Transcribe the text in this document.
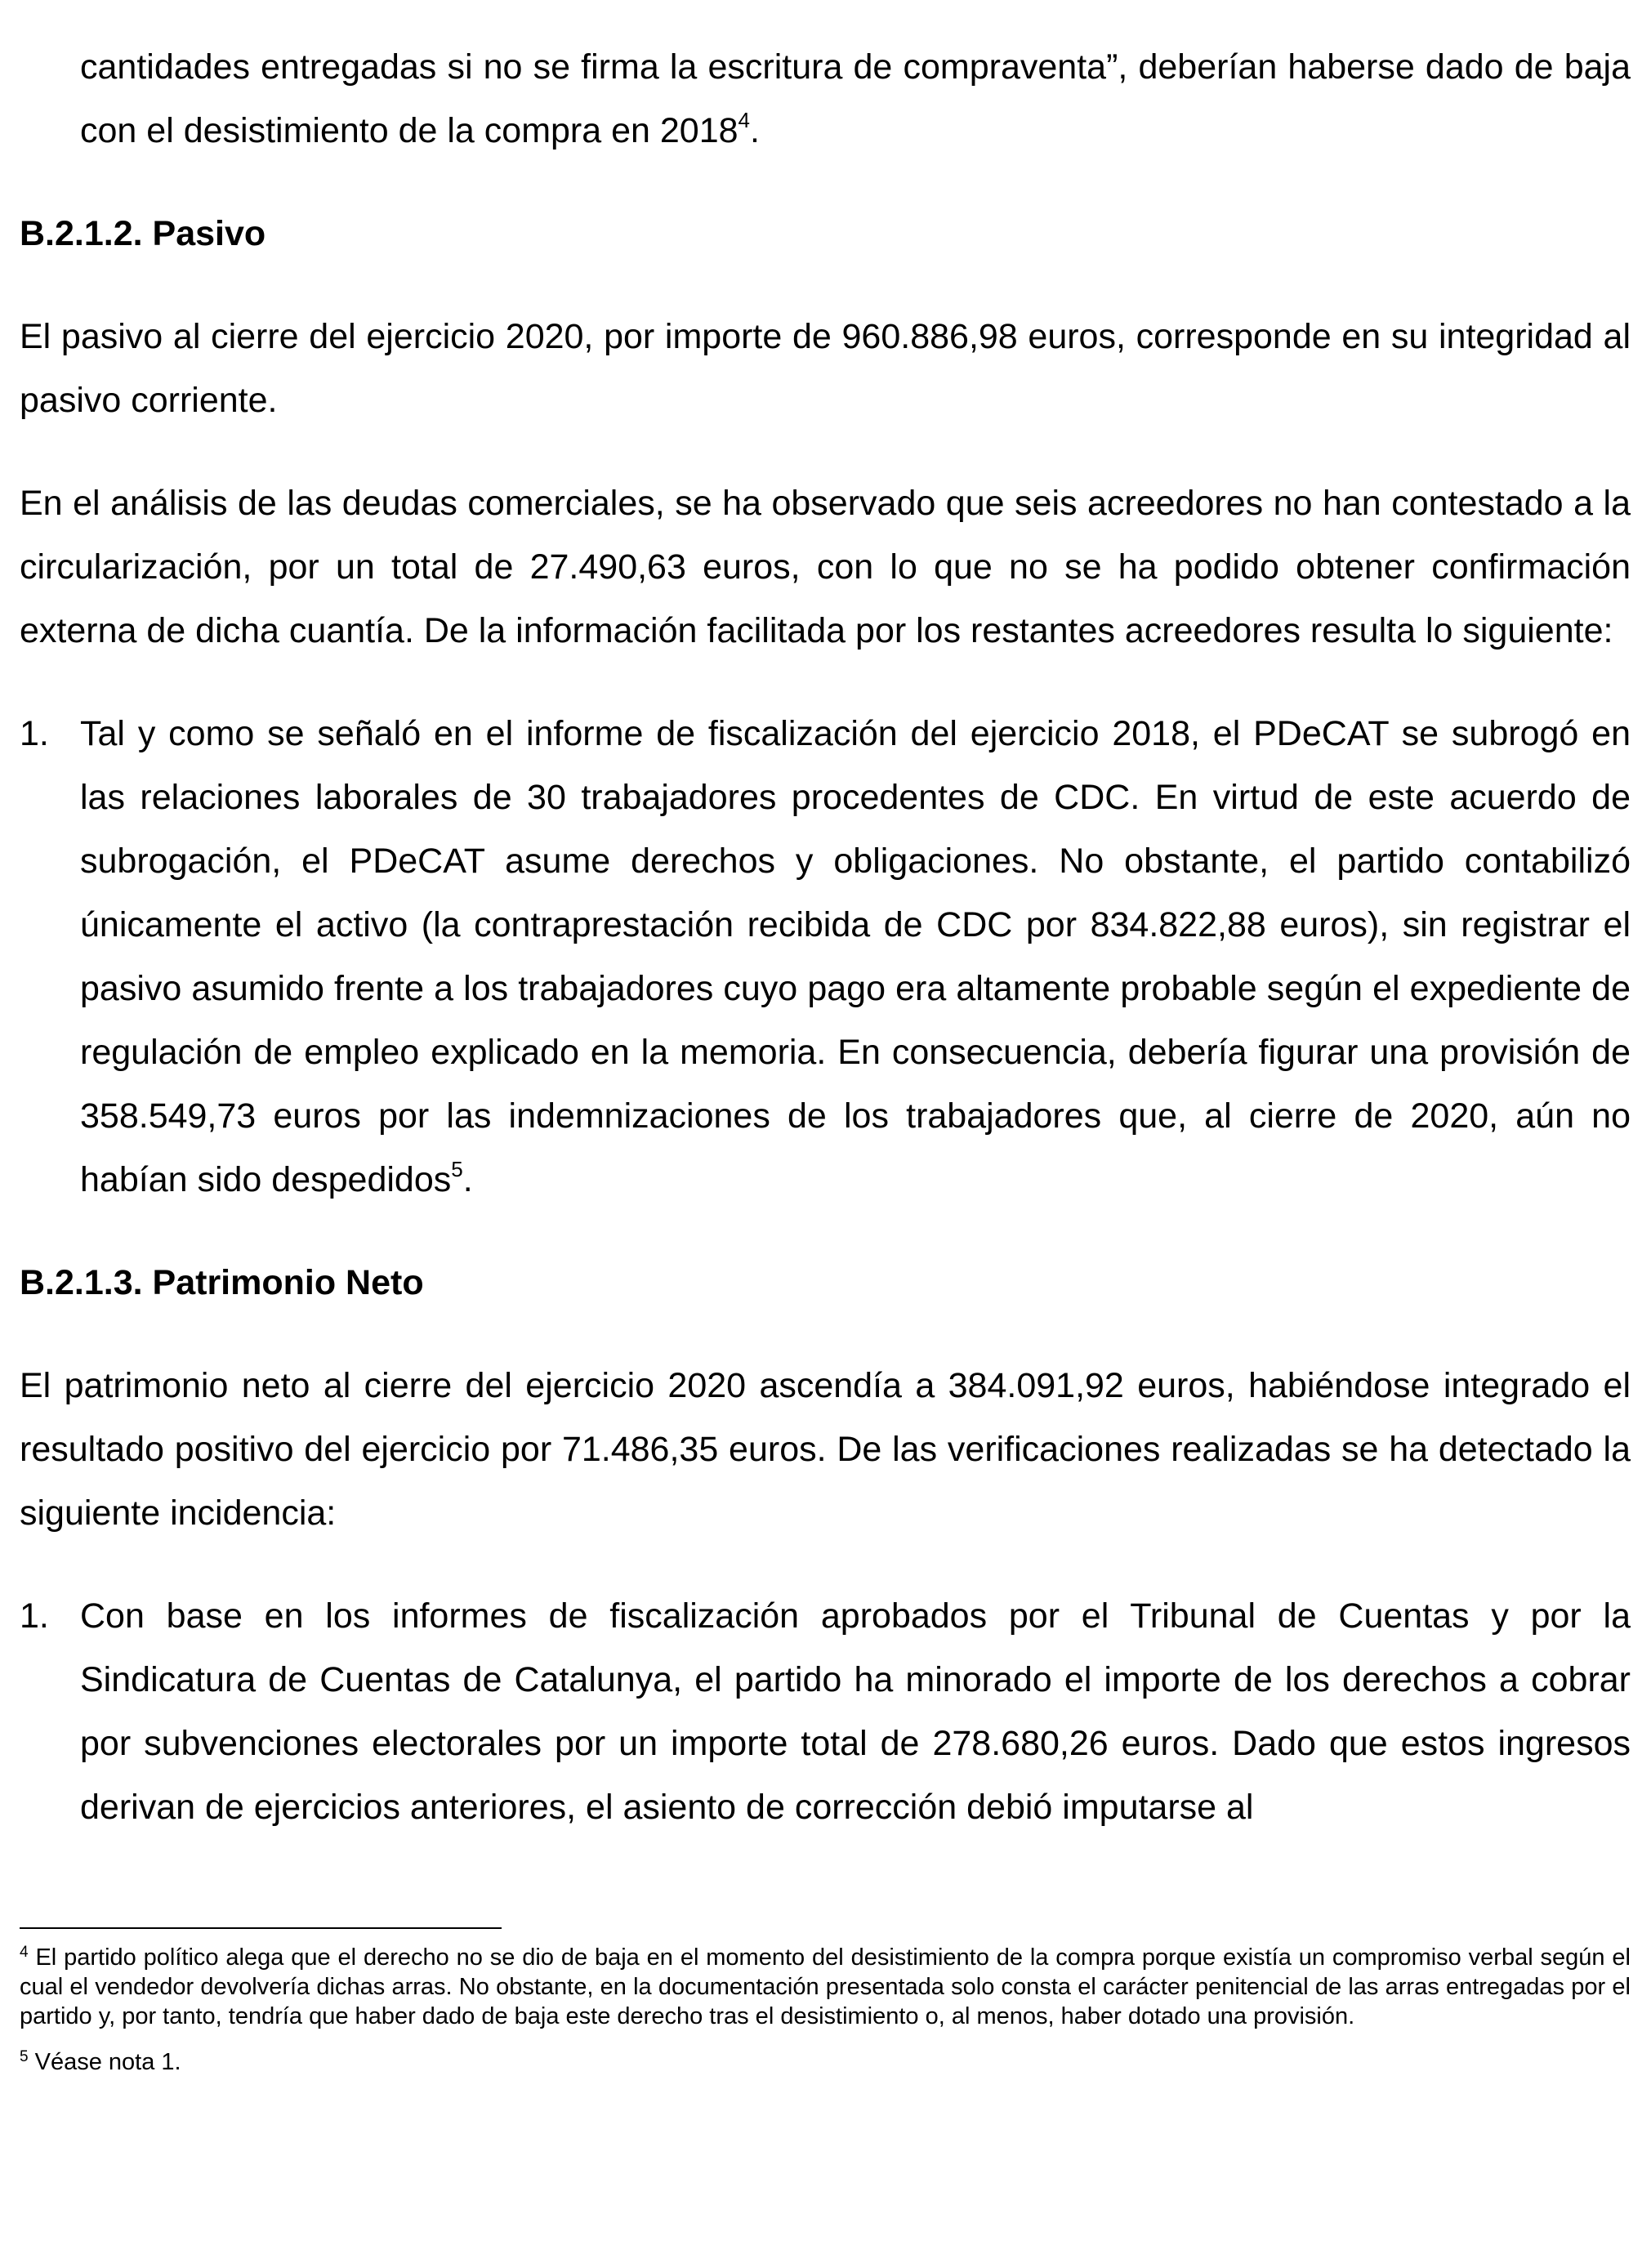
cantidades entregadas si no se firma la escritura de compraventa”, deberían haberse dado de baja con el desistimiento de la compra en 2018$^4$.

B.2.1.2. Pasivo

El pasivo al cierre del ejercicio 2020, por importe de 960.886,98 euros, corresponde en su integridad al pasivo corriente.

En el análisis de las deudas comerciales, se ha observado que seis acreedores no han contestado a la circularización, por un total de 27.490,63 euros, con lo que no se ha podido obtener confirmación externa de dicha cuantía. De la información facilitada por los restantes acreedores resulta lo siguiente:

1. Tal y como se señaló en el informe de fiscalización del ejercicio 2018, el PDeCAT se subrogó en las relaciones laborales de 30 trabajadores procedentes de CDC. En virtud de este acuerdo de subrogación, el PDeCAT asume derechos y obligaciones. No obstante, el partido contabilizó únicamente el activo (la contraprestación recibida de CDC por 834.822,88 euros), sin registrar el pasivo asumido frente a los trabajadores cuyo pago era altamente probable según el expediente de regulación de empleo explicado en la memoria. En consecuencia, debería figurar una provisión de 358.549,73 euros por las indemnizaciones de los trabajadores que, al cierre de 2020, aún no habían sido despedidos$^5$.

B.2.1.3. Patrimonio Neto

El patrimonio neto al cierre del ejercicio 2020 ascendía a 384.091,92 euros, habiéndose integrado el resultado positivo del ejercicio por 71.486,35 euros. De las verificaciones realizadas se ha detectado la siguiente incidencia:

1. Con base en los informes de fiscalización aprobados por el Tribunal de Cuentas y por la Sindicatura de Cuentas de Catalunya, el partido ha minorado el importe de los derechos a cobrar por subvenciones electorales por un importe total de 278.680,26 euros. Dado que estos ingresos derivan de ejercicios anteriores, el asiento de corrección debió imputarse al

$^4$ El partido político alega que el derecho no se dio de baja en el momento del desistimiento de la compra porque existía un compromiso verbal según el cual el vendedor devolvería dichas arras. No obstante, en la documentación presentada solo consta el carácter penitencial de las arras entregadas por el partido y, por tanto, tendría que haber dado de baja este derecho tras el desistimiento o, al menos, haber dotado una provisión.

$^5$ Véase nota 1.
